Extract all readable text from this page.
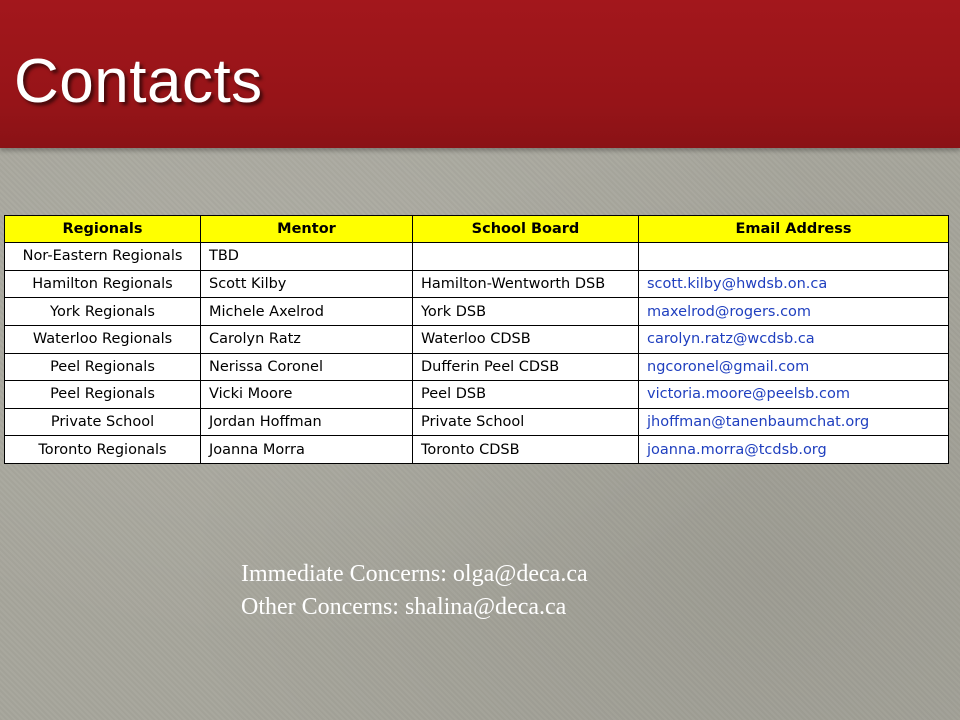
Contacts
Regionals	Mentor	School Board	Email Address
Nor-Eastern Regionals	TBD		
Hamilton Regionals	Scott Kilby	Hamilton-Wentworth DSB	scott.kilby@hwdsb.on.ca
York Regionals	Michele Axelrod	York DSB	maxelrod@rogers.com
Waterloo Regionals	Carolyn Ratz	Waterloo CDSB	carolyn.ratz@wcdsb.ca
Peel Regionals	Nerissa Coronel	Dufferin Peel CDSB	ngcoronel@gmail.com
Peel Regionals	Vicki Moore	Peel DSB	victoria.moore@peelsb.com
Private School	Jordan Hoffman	Private School	jhoffman@tanenbaumchat.org
Toronto Regionals	Joanna Morra	Toronto CDSB	joanna.morra@tcdsb.org
Immediate Concerns: olga@deca.ca
Other Concerns: shalina@deca.ca
